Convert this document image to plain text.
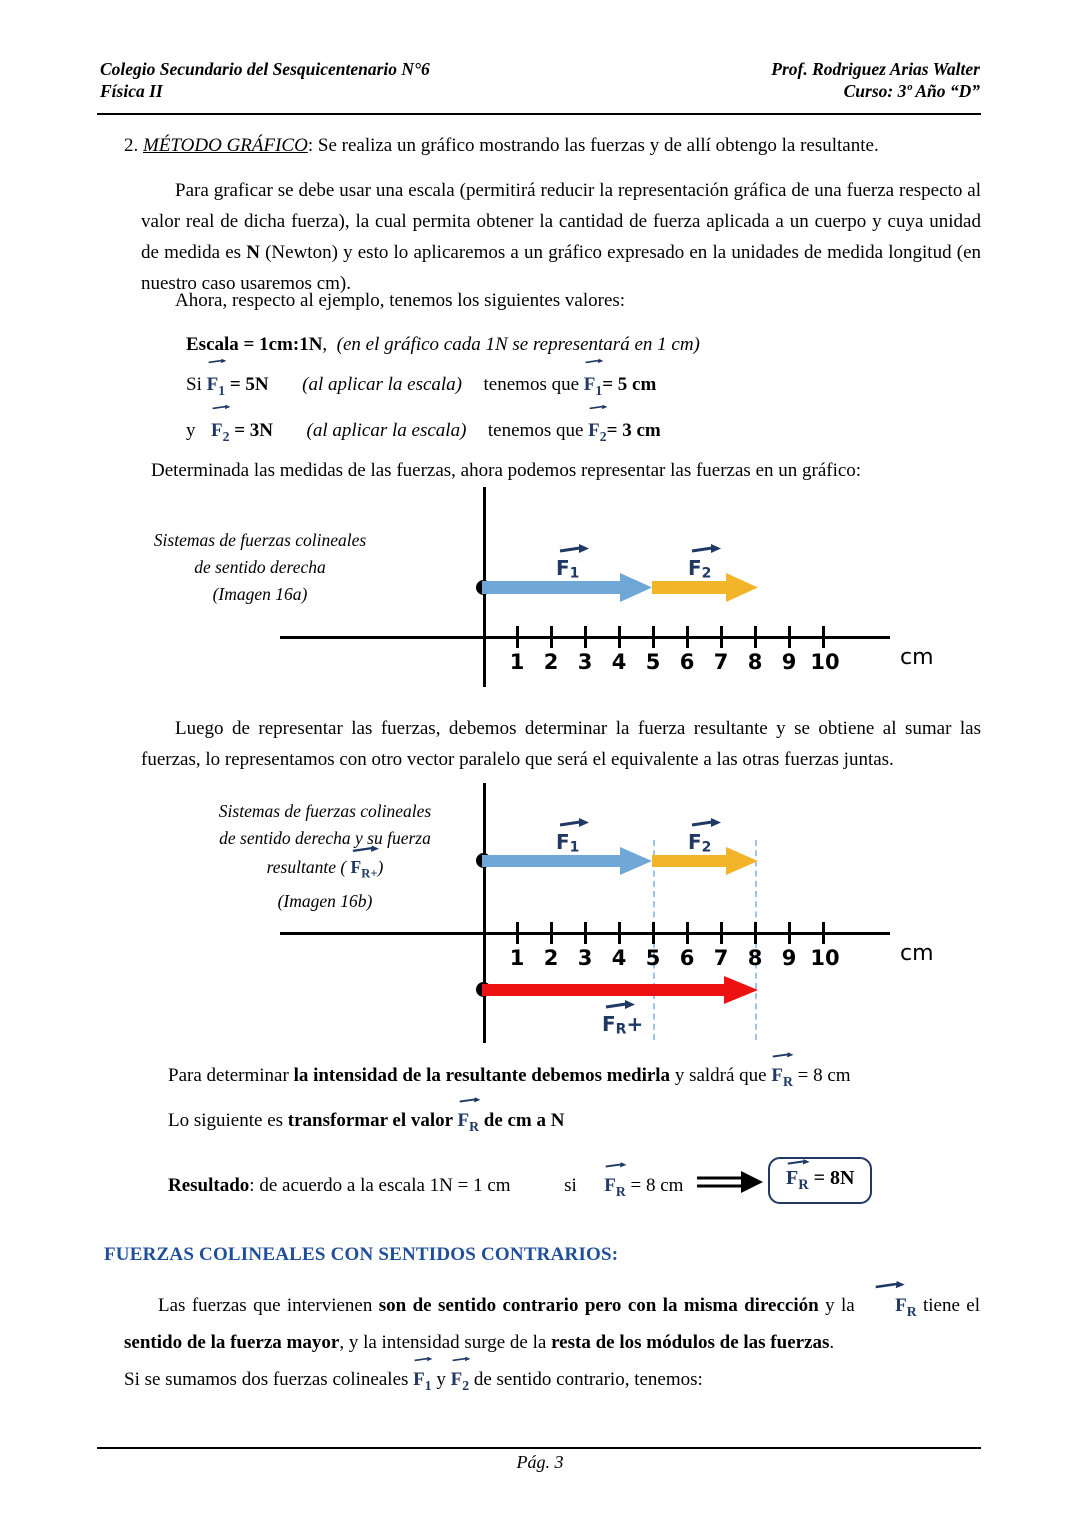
Colegio Secundario del Sesquicentenario N°6	Prof. Rodriguez Arias Walter
Física II	Curso: 3º Año “D”
2. MÉTODO GRÁFICO: Se realiza un gráfico mostrando las fuerzas y de allí obtengo la resultante.
Para graficar se debe usar una escala (permitirá reducir la representación gráfica de una fuerza respecto al valor real de dicha fuerza), la cual permita obtener la cantidad de fuerza aplicada a un cuerpo y cuya unidad de medida es N (Newton) y esto lo aplicaremos a un gráfico expresado en la unidades de medida longitud (en nuestro caso usaremos cm).
Ahora, respecto al ejemplo, tenemos los siguientes valores:
Escala = 1cm:1N, (en el gráfico cada 1N se representará en 1 cm)
Si $F_1 = 5N$ (al aplicar la escala) tenemos que $F_1= 5$ cm
y $F_2 = 3N$ (al aplicar la escala) tenemos que $F_2= 3$ cm
Determinada las medidas de las fuerzas, ahora podemos representar las fuerzas en un gráfico:
Sistemas de fuerzas colineales
de sentido derecha
(Imagen 16a)
1 2 3 4 5 6 7 8 9 10	cm
F1	F2
Luego de representar las fuerzas, debemos determinar la fuerza resultante y se obtiene al sumar las fuerzas, lo representamos con otro vector paralelo que será el equivalente a las otras fuerzas juntas.
Sistemas de fuerzas colineales
de sentido derecha y su fuerza
resultante (
$F_{R+}$)
(Imagen 16b)
1 2 3 4 5 6 7 8 9 10	cm
F1	F2
FR+
Para determinar la intensidad de la resultante debemos medirla y saldrá que
$F_R = 8$ cm
Lo siguiente es transformar el valor
$F_R$ de cm a N
Resultado: de acuerdo a la escala 1N = 1 cm	si $F_R = 8$ cm	$F_R = 8N$
FUERZAS COLINEALES CON SENTIDOS CONTRARIOS:
Las fuerzas que intervienen son de sentido contrario pero con la misma dirección y la
$F_R$ tiene el sentido de la fuerza mayor, y la intensidad surge de la resta de los módulos de las fuerzas.
Si se sumamos dos fuerzas colineales
$F_1$ y
$F_2$ de sentido contrario, tenemos:
Pág. 3
